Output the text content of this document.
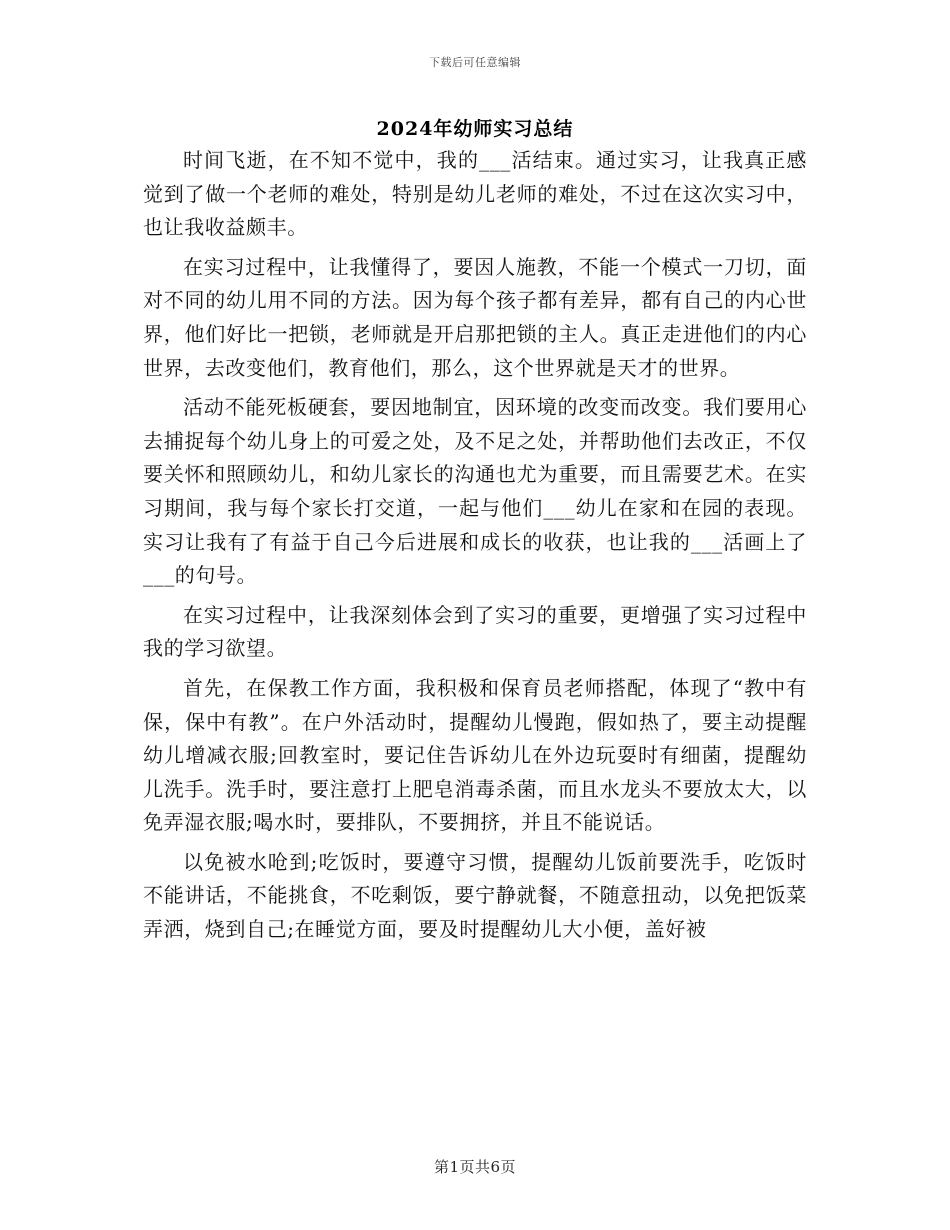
下载后可任意编辑
2024年幼师实习总结

时间飞逝，在不知不觉中，我的___活结束。通过实习，让我真正感觉到了做一个老师的难处，特别是幼儿老师的难处，不过在这次实习中，也让我收益颇丰。

在实习过程中，让我懂得了，要因人施教，不能一个模式一刀切，面对不同的幼儿用不同的方法。因为每个孩子都有差异，都有自己的内心世界，他们好比一把锁，老师就是开启那把锁的主人。真正走进他们的内心世界，去改变他们，教育他们，那么，这个世界就是天才的世界。

活动不能死板硬套，要因地制宜，因环境的改变而改变。我们要用心去捕捉每个幼儿身上的可爱之处，及不足之处，并帮助他们去改正，不仅要关怀和照顾幼儿，和幼儿家长的沟通也尤为重要，而且需要艺术。在实习期间，我与每个家长打交道，一起与他们___幼儿在家和在园的表现。实习让我有了有益于自己今后进展和成长的收获，也让我的___活画上了___的句号。

在实习过程中，让我深刻体会到了实习的重要，更增强了实习过程中我的学习欲望。

首先，在保教工作方面，我积极和保育员老师搭配，体现了“教中有保，保中有教”。在户外活动时，提醒幼儿慢跑，假如热了，要主动提醒幼儿增减衣服;回教室时，要记住告诉幼儿在外边玩耍时有细菌，提醒幼儿洗手。洗手时，要注意打上肥皂消毒杀菌，而且水龙头不要放太大，以免弄湿衣服;喝水时，要排队，不要拥挤，并且不能说话。

以免被水呛到;吃饭时，要遵守习惯，提醒幼儿饭前要洗手，吃饭时不能讲话，不能挑食，不吃剩饭，要宁静就餐，不随意扭动，以免把饭菜弄洒，烧到自己;在睡觉方面，要及时提醒幼儿大小便，盖好被

第1页共6页
